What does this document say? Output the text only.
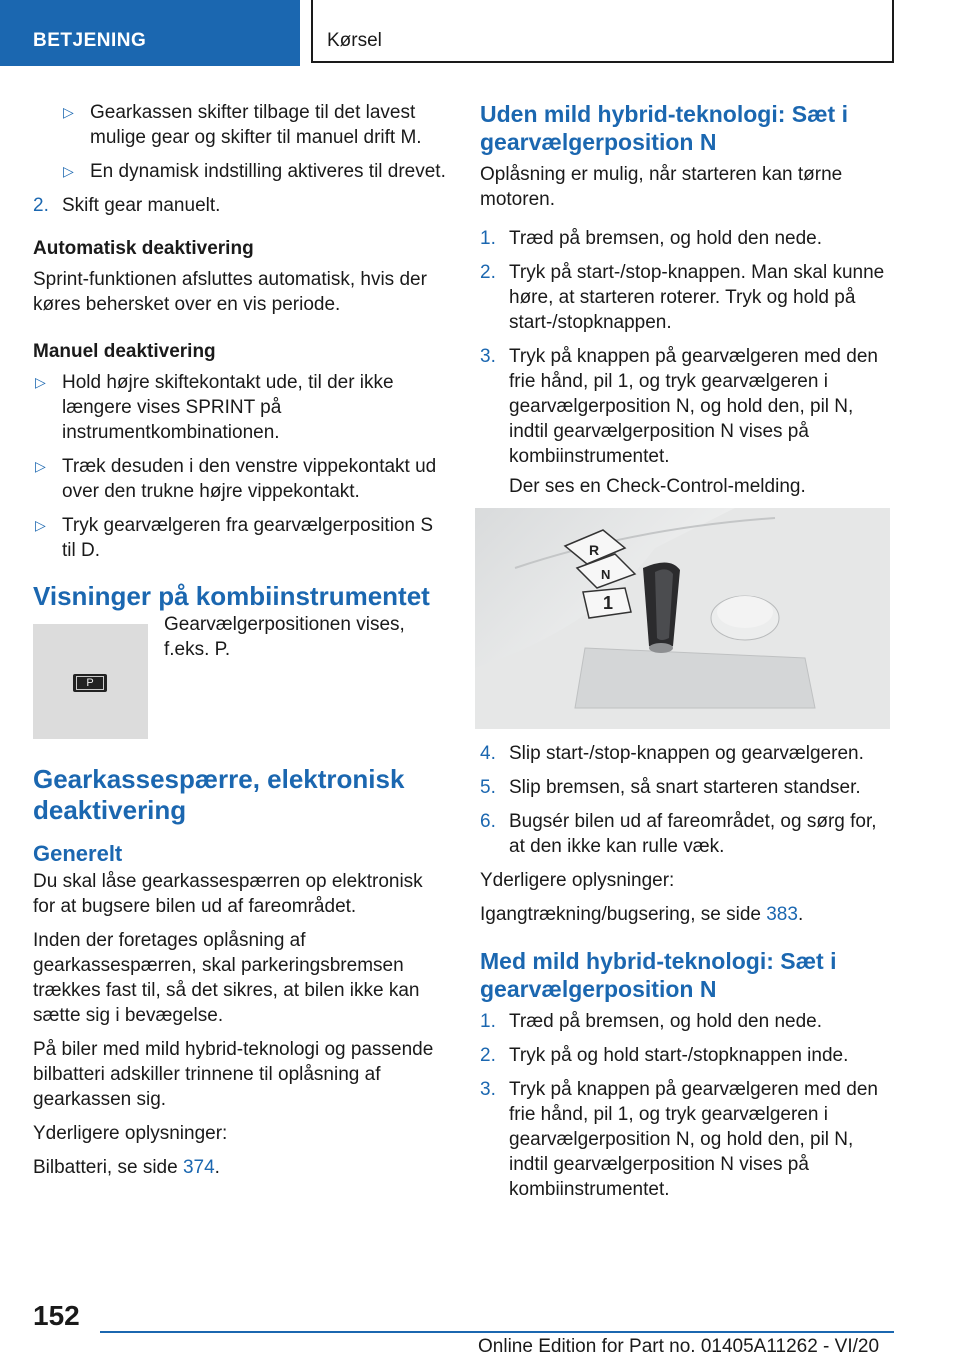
BETJENING	Kørsel
▷ Gearkassen skifter tilbage til det lavest mulige gear og skifter til manuel drift M.
▷ En dynamisk indstilling aktiveres til drevet.
2. Skift gear manuelt.

Automatisk deaktivering

Sprint-funktionen afsluttes automatisk, hvis der køres behersket over en vis periode.

Manuel deaktivering

▷ Hold højre skiftekontakt ude, til der ikke længere vises SPRINT på instrumentkombinationen.
▷ Træk desuden i den venstre vippekontakt ud over den trukne højre vippekontakt.
▷ Tryk gearvælgeren fra gearvælgerposition S til D.
Visninger på kombiinstrumentet
P

Gearvælgerpositionen vises, f.eks. P.

Gearkassespærre, elektronisk deaktivering
Generelt

Du skal låse gearkassespærren op elektronisk for at bugsere bilen ud af fareområdet.

Inden der foretages oplåsning af gearkassespærren, skal parkeringsbremsen trækkes fast til, så det sikres, at bilen ikke kan sætte sig i bevægelse.

På biler med mild hybrid-teknologi og passende bilbatteri adskiller trinnene til oplåsning af gearkassen sig.

Yderligere oplysninger:

Bilbatteri, se side 374.

Uden mild hybrid-teknologi: Sæt i gearvælgerposition N

Oplåsning er mulig, når starteren kan tørne motoren.

1. Træd på bremsen, og hold den nede.
2. Tryk på start-/stop-knappen. Man skal kunne høre, at starteren roterer. Tryk og hold på start-/stopknappen.
3. Tryk på knappen på gearvælgeren med den frie hånd, pil 1, og tryk gearvælgeren i gearvælgerposition N, og hold den, pil N, indtil gearvælgerposition N vises på kombiinstrumentet.

Der ses en Check-Control-melding.

R
N
1
4. Slip start-/stop-knappen og gearvælgeren.
5. Slip bremsen, så snart starteren standser.
6. Bugsér bilen ud af fareområdet, og sørg for, at den ikke kan rulle væk.

Yderligere oplysninger:

Igangtrækning/bugsering, se side 383.

Med mild hybrid-teknologi: Sæt i gearvælgerposition N
1. Træd på bremsen, og hold den nede.
2. Tryk på og hold start-/stopknappen inde.
3. Tryk på knappen på gearvælgeren med den frie hånd, pil 1, og tryk gearvælgeren i gearvælgerposition N, og hold den, pil N, indtil gearvælgerposition N vises på kombiinstrumentet.
152
Online Edition for Part no. 01405A11262 - VI/20
